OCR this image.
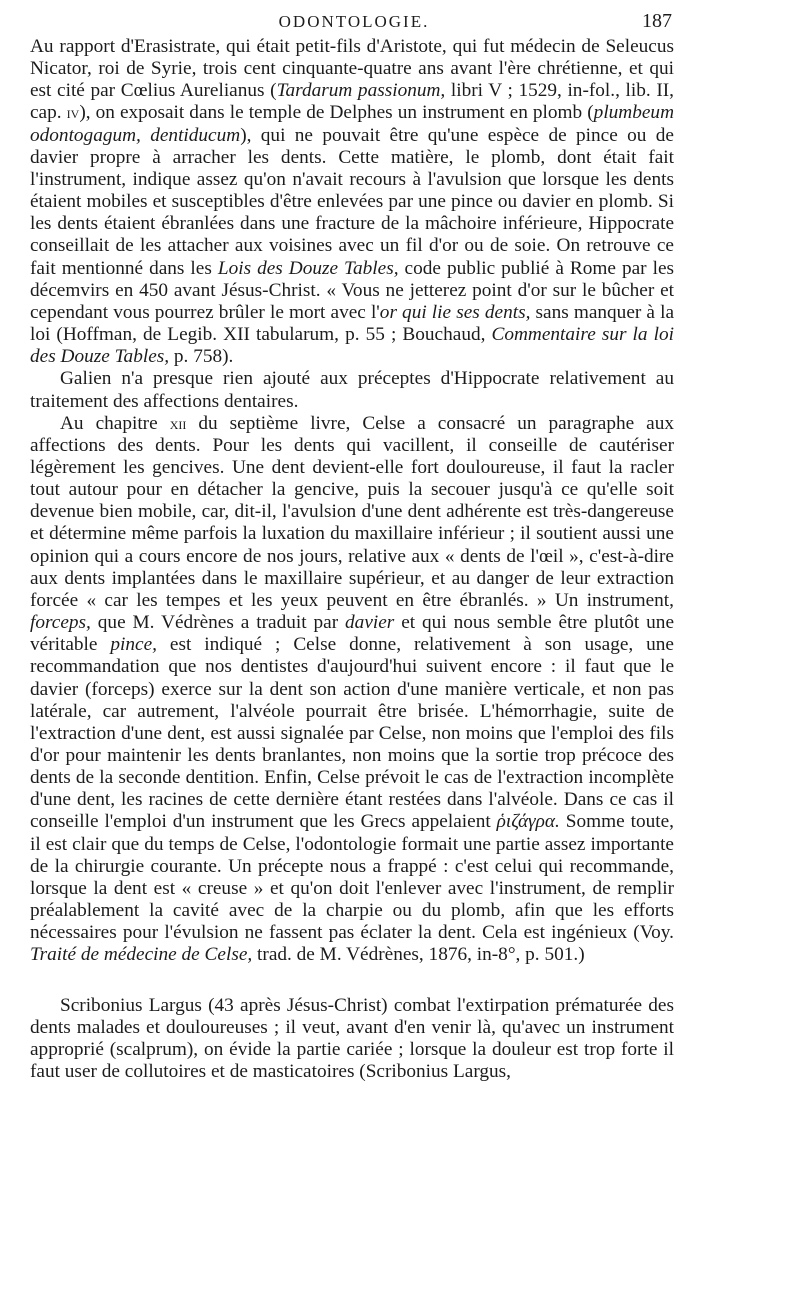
ODONTOLOGIE.	187

Au rapport d'Erasistrate, qui était petit-fils d'Aristote, qui fut médecin de Seleucus Nicator, roi de Syrie, trois cent cinquante-quatre ans avant l'ère chrétienne, et qui est cité par Cœlius Aurelianus (Tardarum passionum, libri V ; 1529, in-fol., lib. II, cap. iv), on exposait dans le temple de Delphes un instrument en plomb (plumbeum odontogagum, dentiducum), qui ne pouvait être qu'une espèce de pince ou de davier propre à arracher les dents. Cette matière, le plomb, dont était fait l'instrument, indique assez qu'on n'avait recours à l'avulsion que lorsque les dents étaient mobiles et susceptibles d'être enlevées par une pince ou davier en plomb. Si les dents étaient ébranlées dans une fracture de la mâchoire inférieure, Hippocrate conseillait de les attacher aux voisines avec un fil d'or ou de soie. On retrouve ce fait mentionné dans les Lois des Douze Tables, code public publié à Rome par les décemvirs en 450 avant Jésus-Christ. « Vous ne jetterez point d'or sur le bûcher et cependant vous pourrez brûler le mort avec l'or qui lie ses dents, sans manquer à la loi (Hoffman, de Legib. XII tabularum, p. 55 ; Bouchaud, Commentaire sur la loi des Douze Tables, p. 758).

Galien n'a presque rien ajouté aux préceptes d'Hippocrate relativement au traitement des affections dentaires.

Au chapitre xii du septième livre, Celse a consacré un paragraphe aux affections des dents. Pour les dents qui vacillent, il conseille de cautériser légèrement les gencives. Une dent devient-elle fort douloureuse, il faut la racler tout autour pour en détacher la gencive, puis la secouer jusqu'à ce qu'elle soit devenue bien mobile, car, dit-il, l'avulsion d'une dent adhérente est très-dangereuse et détermine même parfois la luxation du maxillaire inférieur ; il soutient aussi une opinion qui a cours encore de nos jours, relative aux « dents de l'œil », c'est-à-dire aux dents implantées dans le maxillaire supérieur, et au danger de leur extraction forcée « car les tempes et les yeux peuvent en être ébranlés. » Un instrument, forceps, que M. Védrènes a traduit par davier et qui nous semble être plutôt une véritable pince, est indiqué ; Celse donne, relativement à son usage, une recommandation que nos dentistes d'aujourd'hui suivent encore : il faut que le davier (forceps) exerce sur la dent son action d'une manière verticale, et non pas latérale, car autrement, l'alvéole pourrait être brisée. L'hémorrhagie, suite de l'extraction d'une dent, est aussi signalée par Celse, non moins que l'emploi des fils d'or pour maintenir les dents branlantes, non moins que la sortie trop précoce des dents de la seconde dentition. Enfin, Celse prévoit le cas de l'extraction incomplète d'une dent, les racines de cette dernière étant restées dans l'alvéole. Dans ce cas il conseille l'emploi d'un instrument que les Grecs appelaient ῥιζάγρα. Somme toute, il est clair que du temps de Celse, l'odontologie formait une partie assez importante de la chirurgie courante. Un précepte nous a frappé : c'est celui qui recommande, lorsque la dent est « creuse » et qu'on doit l'enlever avec l'instrument, de remplir préalablement la cavité avec de la charpie ou du plomb, afin que les efforts nécessaires pour l'évulsion ne fassent pas éclater la dent. Cela est ingénieux (Voy. Traité de médecine de Celse, trad. de M. Védrènes, 1876, in-8°, p. 501.)

Scribonius Largus (43 après Jésus-Christ) combat l'extirpation prématurée des dents malades et douloureuses ; il veut, avant d'en venir là, qu'avec un instrument approprié (scalprum), on évide la partie cariée ; lorsque la douleur est trop forte il faut user de collutoires et de masticatoires (Scribonius Largus,
